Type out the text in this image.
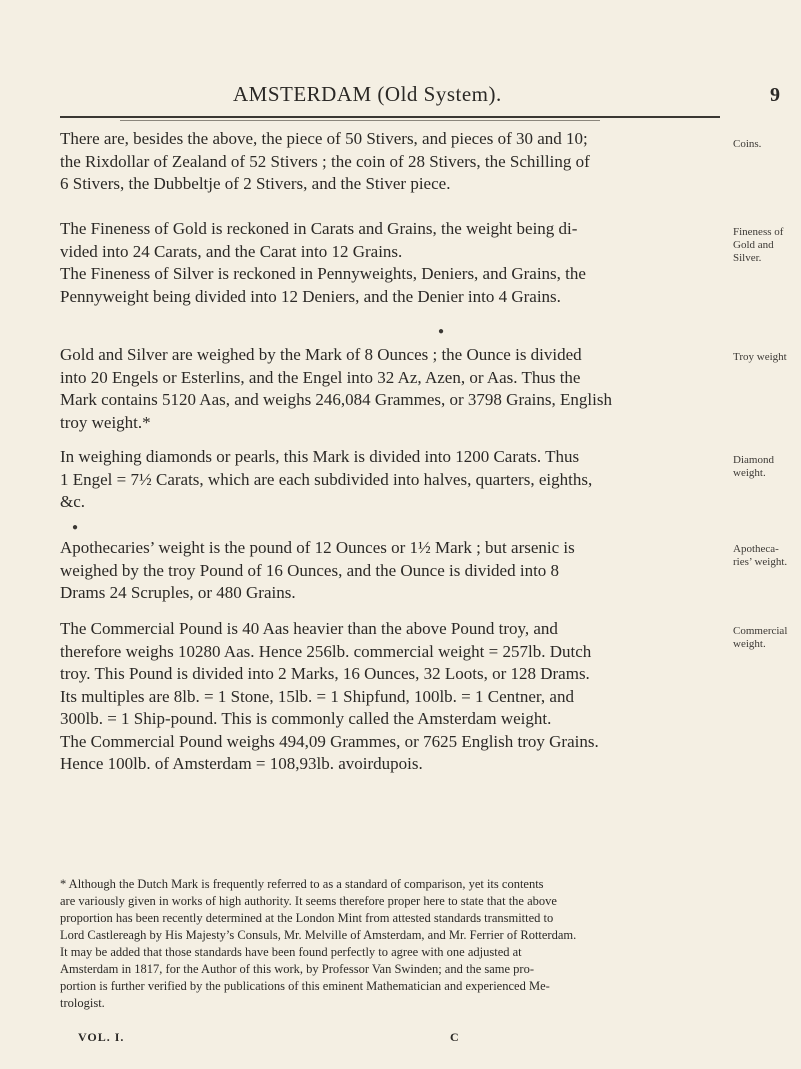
AMSTERDAM (Old System).	9

There are, besides the above, the piece of 50 Stivers, and pieces of 30 and 10;
the Rixdollar of Zealand of 52 Stivers ; the coin of 28 Stivers, the Schilling of
6 Stivers, the Dubbeltje of 2 Stivers, and the Stiver piece.

Coins.

The Fineness of Gold is reckoned in Carats and Grains, the weight being di-
vided into 24 Carats, and the Carat into 12 Grains.
The Fineness of Silver is reckoned in Pennyweights, Deniers, and Grains, the
Pennyweight being divided into 12 Deniers, and the Denier into 4 Grains.

Fineness of
Gold and
Silver.
●

Gold and Silver are weighed by the Mark of 8 Ounces ; the Ounce is divided
into 20 Engels or Esterlins, and the Engel into 32 Az, Azen, or Aas. Thus the
Mark contains 5120 Aas, and weighs 246,084 Grammes, or 3798 Grains, English
troy weight.*

Troy weight

In weighing diamonds or pearls, this Mark is divided into 1200 Carats. Thus
1 Engel = 7½ Carats, which are each subdivided into halves, quarters, eighths,
&c.

Diamond
weight.
●

Apothecaries’ weight is the pound of 12 Ounces or 1½ Mark ; but arsenic is
weighed by the troy Pound of 16 Ounces, and the Ounce is divided into 8
Drams 24 Scruples, or 480 Grains.

Apotheca-
ries’ weight.

The Commercial Pound is 40 Aas heavier than the above Pound troy, and
therefore weighs 10280 Aas. Hence 256lb. commercial weight = 257lb. Dutch
troy. This Pound is divided into 2 Marks, 16 Ounces, 32 Loots, or 128 Drams.
Its multiples are 8lb. = 1 Stone, 15lb. = 1 Shipfund, 100lb. = 1 Centner, and
300lb. = 1 Ship-pound. This is commonly called the Amsterdam weight.
The Commercial Pound weighs 494,09 Grammes, or 7625 English troy Grains.
Hence 100lb. of Amsterdam = 108,93lb. avoirdupois.

Commercial
weight.

* Although the Dutch Mark is frequently referred to as a standard of comparison, yet its contents
are variously given in works of high authority. It seems therefore proper here to state that the above
proportion has been recently determined at the London Mint from attested standards transmitted to
Lord Castlereagh by His Majesty’s Consuls, Mr. Melville of Amsterdam, and Mr. Ferrier of Rotterdam.
It may be added that those standards have been found perfectly to agree with one adjusted at
Amsterdam in 1817, for the Author of this work, by Professor Van Swinden; and the same pro-
portion is further verified by the publications of this eminent Mathematician and experienced Me-
trologist.

VOL. I.	C
